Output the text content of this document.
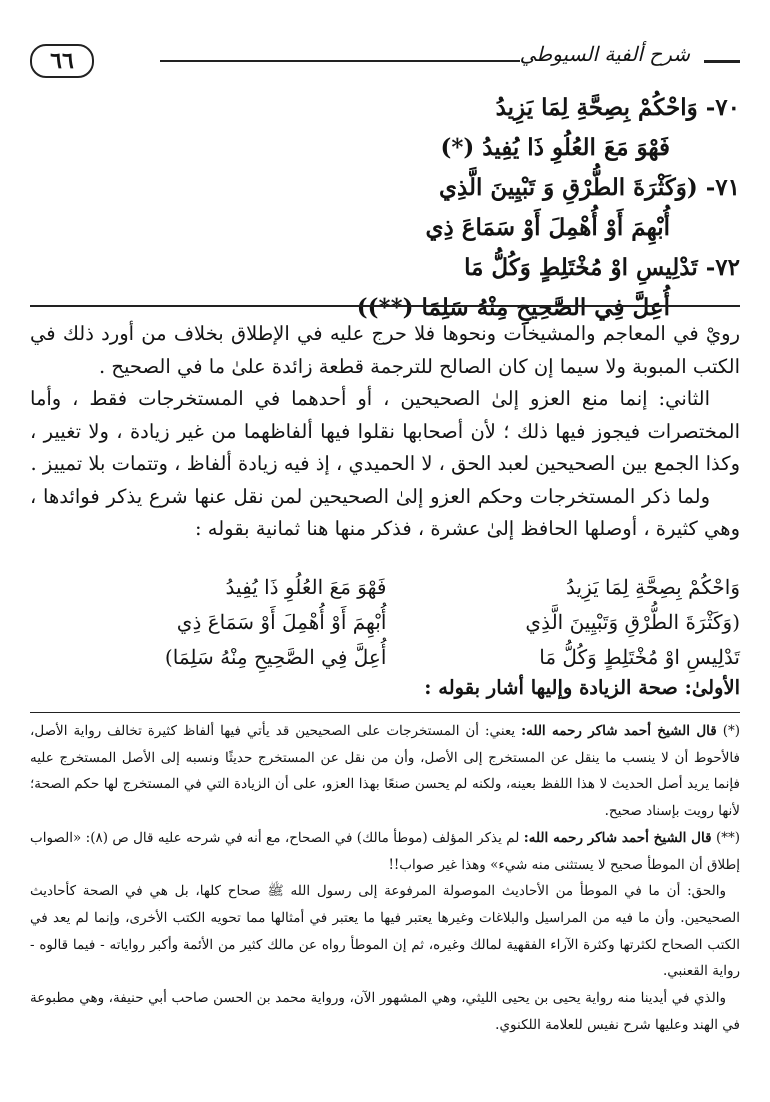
٦٦	شرح ألفية السيوطي
٧٠- وَاحْكُمْ بِصِحَّةِ لِمَا يَزِيدُ
فَهْوَ مَعَ العُلُوِ ذَا يُفِيدُ (*)
٧١- (وَكَثْرَةَ الطُّرْقِ وَ تَبْيِينَ الَّذِي
أُبْهِمَ أَوْ أُهْمِلَ أَوْ سَمَاعَ ذِي
٧٢- تَدْلِيسِ اوْ مُخْتَلِطٍ وَكُلُّ مَا
أُعِلَّ فِي الصَّحِيحِ مِنْهُ سَلِمَا (**))

رويْ في المعاجم والمشيخات ونحوها فلا حرج عليه في الإطلاق بخلاف من أورد ذلك في الكتب المبوبة ولا سيما إن كان الصالح للترجمة قطعة زائدة علىٰ ما في الصحيح .

الثاني: إنما منع العزو إلىٰ الصحيحين ، أو أحدهما في المستخرجات فقط ، وأما المختصرات فيجوز فيها ذلك ؛ لأن أصحابها نقلوا فيها ألفاظهما من غير زيادة ، ولا تغيير ، وكذا الجمع بين الصحيحين لعبد الحق ، لا الحميدي ، إذ فيه زيادة ألفاظ ، وتتمات بلا تمييز .

ولما ذكر المستخرجات وحكم العزو إلىٰ الصحيحين لمن نقل عنها شرع يذكر فوائدها ، وهي كثيرة ، أوصلها الحافظ إلىٰ عشرة ، فذكر منها هنا ثمانية بقوله :

وَاحْكُمْ بِصِحَّةِ لِمَا يَزِيدُ
فَهْوَ مَعَ العُلُوِ ذَا يُفِيدُ
(وَكَثْرَةَ الطُّرْقِ وَتَبْيِينَ الَّذِي
أُبْهِمَ أَوْ أُهْمِلَ أَوْ سَمَاعَ ذِي
تَدْلِيسِ اوْ مُخْتَلِطٍ وَكُلُّ مَا
أُعِلَّ فِي الصَّحِيحِ مِنْهُ سَلِمَا)
الأولىٰ: صحة الزيادة وإليها أشار بقوله :

(*) قال الشيخ أحمد شاكر رحمه الله: يعني: أن المستخرجات على الصحيحين قد يأتي فيها ألفاظ كثيرة تخالف رواية الأصل، فالأحوط أن لا ينسب ما ينقل عن المستخرج إلى الأصل، وأن من نقل عن المستخرج حديثًا ونسبه إلى الأصل المستخرج عليه فإنما يريد أصل الحديث لا هذا اللفظ بعينه، ولكنه لم يحسن صنعًا بهذا العزو، على أن الزيادة التي في المستخرج لها حكم الصحة؛ لأنها رويت بإسناد صحيح.

(**) قال الشيخ أحمد شاكر رحمه الله: لم يذكر المؤلف (موطأ مالك) في الصحاح، مع أنه في شرحه عليه قال ص (٨): «الصواب إطلاق أن الموطأ صحيح لا يستثنى منه شيء» وهذا غير صواب!!

والحق: أن ما في الموطأ من الأحاديث الموصولة المرفوعة إلى رسول الله ﷺ صحاح كلها، بل هي في الصحة كأحاديث الصحيحين. وأن ما فيه من المراسيل والبلاغات وغيرها يعتبر فيها ما يعتبر في أمثالها مما تحويه الكتب الأخرى، وإنما لم يعد في الكتب الصحاح لكثرتها وكثرة الآراء الفقهية لمالك وغيره، ثم إن الموطأ رواه عن مالك كثير من الأئمة وأكبر رواياته - فيما قالوه - رواية القعنبي.

والذي في أيدينا منه رواية يحيى بن يحيى الليثي، وهي المشهور الآن، ورواية محمد بن الحسن صاحب أبي حنيفة، وهي مطبوعة في الهند وعليها شرح نفيس للعلامة اللكنوي.
